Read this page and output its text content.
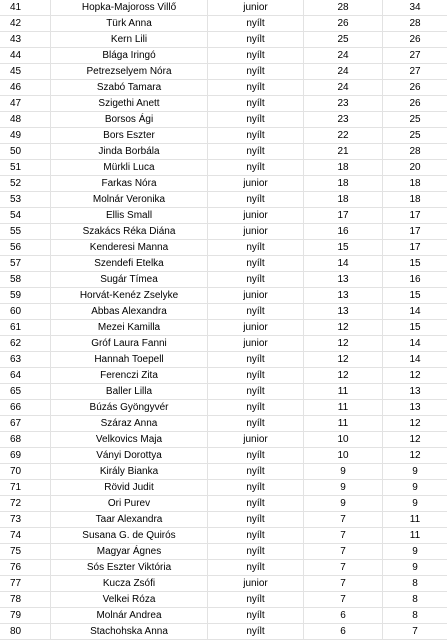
41	Hopka-Majoross Villő	junior	28	34
42	Türk Anna	nyílt	26	28
43	Kern Lili	nyílt	25	26
44	Blága Iringó	nyílt	24	27
45	Petrezselyem Nóra	nyílt	24	27
46	Szabó Tamara	nyílt	24	26
47	Szigethi Anett	nyílt	23	26
48	Borsos Ági	nyílt	23	25
49	Bors Eszter	nyílt	22	25
50	Jinda Borbála	nyílt	21	28
51	Mürkli Luca	nyílt	18	20
52	Farkas Nóra	junior	18	18
53	Molnár Veronika	nyílt	18	18
54	Ellis Small	junior	17	17
55	Szakács Réka Diána	junior	16	17
56	Kenderesi Manna	nyílt	15	17
57	Szendefi Etelka	nyílt	14	15
58	Sugár Tímea	nyílt	13	16
59	Horvát-Kenéz Zselyke	junior	13	15
60	Abbas Alexandra	nyílt	13	14
61	Mezei Kamilla	junior	12	15
62	Gróf Laura Fanni	junior	12	14
63	Hannah Toepell	nyílt	12	14
64	Ferenczi Zita	nyílt	12	12
65	Baller Lilla	nyílt	11	13
66	Búzás Gyöngyvér	nyílt	11	13
67	Száraz Anna	nyílt	11	12
68	Velkovics Maja	junior	10	12
69	Ványi Dorottya	nyílt	10	12
70	Király Bianka	nyílt	9	9
71	Rövid Judit	nyílt	9	9
72	Ori Purev	nyílt	9	9
73	Taar Alexandra	nyílt	7	11
74	Susana G. de Quirós	nyílt	7	11
75	Magyar Ágnes	nyílt	7	9
76	Sós Eszter Viktória	nyílt	7	9
77	Kucza Zsófi	junior	7	8
78	Velkei Róza	nyílt	7	8
79	Molnár Andrea	nyílt	6	8
80	Stachohska Anna	nyílt	6	7
